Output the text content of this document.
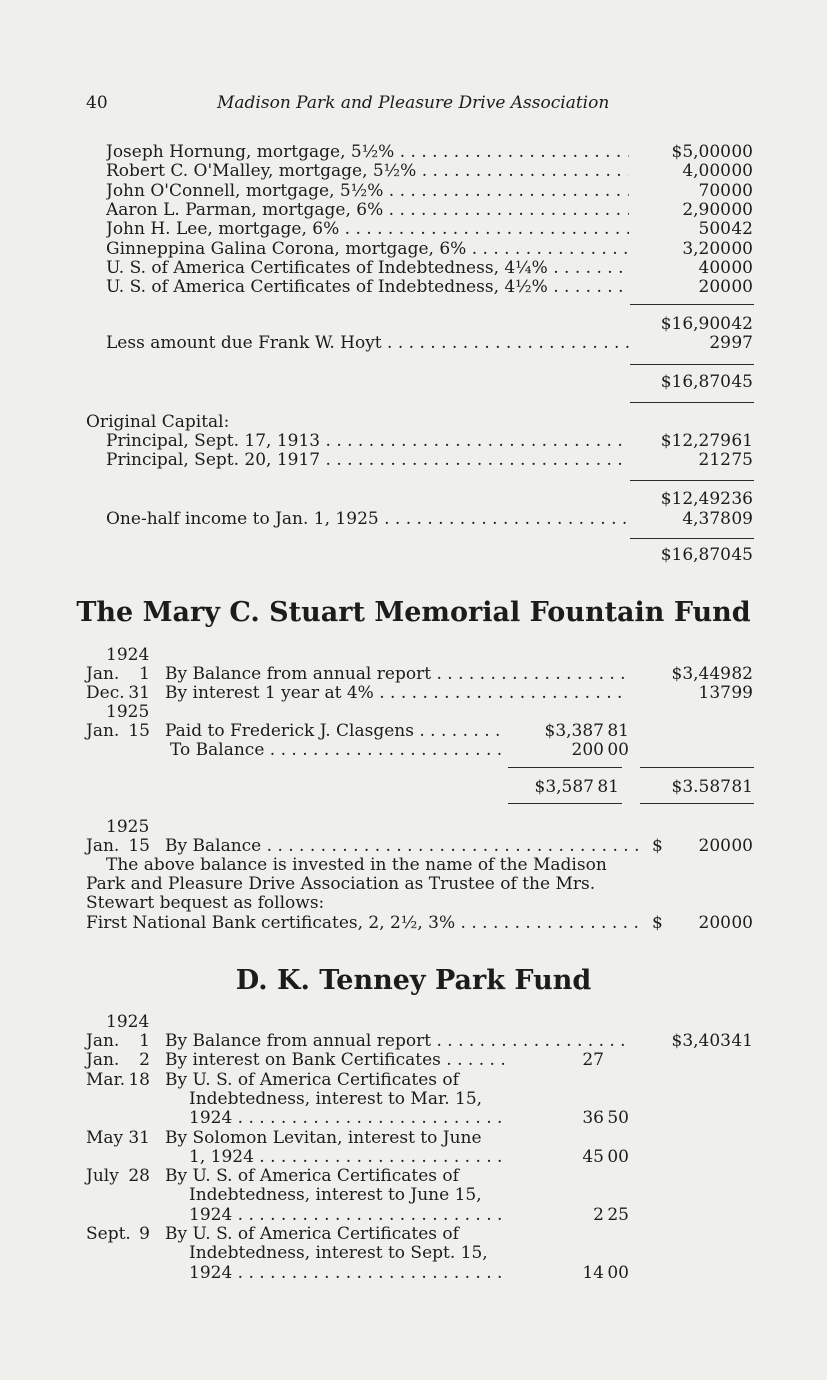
40	Madison Park and Pleasure Drive Association
Joseph Hornung, mortgage, 5½% . . .	$5,000 00
Robert C. O'Malley, mortgage, 5½% . . .	4,000 00
John O'Connell, mortgage, 5½% . . .	700 00
Aaron L. Parman, mortgage, 6% . . .	2,900 00
John H. Lee, mortgage, 6% . . .	500 42
Ginneppina Galina Corona, mortgage, 6% . . .	3,200 00
U. S. of America Certificates of Indebtedness, 4¼% . . .	400 00
U. S. of America Certificates of Indebtedness, 4½% . . .	200 00
$16,900 42
Less amount due Frank W. Hoyt . . .	29 97
$16,870 45
Original Capital:
Principal, Sept. 17, 1913 . . .	$12,279 61
Principal, Sept. 20, 1917 . . .	212 75
$12,492 36
One-half income to Jan. 1, 1925 . . .	4,378 09
$16,870 45
The Mary C. Stuart Memorial Fountain Fund
1924
Jan.	1 By Balance from annual report . . .	$3,449 82
Dec. 31 By interest 1 year at 4% . . .	137 99
1925
Jan. 15 Paid to Frederick J. Clasgens . . .	$3,387 81
To Balance . . .	200 00
$3,587 81	$3.587 81
1925
Jan. 15 By Balance . . .	$	200 00
The above balance is invested in the name of the Madison
Park and Pleasure Drive Association as Trustee of the Mrs.
Stewart bequest as follows:
First National Bank certificates, 2, 2½, 3% . . .	$	200 00
D. K. Tenney Park Fund
1924
Jan.	1 By Balance from annual report . . .	$3,403 41
Jan.	2 By interest on Bank Certificates . . .	27
Mar. 18 By U. S. of America Certificates of
Indebtedness, interest to Mar. 15,
1924 . . .	36 50
May 31 By Solomon Levitan, interest to June
1, 1924 . . .	45 00
July 28 By U. S. of America Certificates of
Indebtedness, interest to June 15,
1924 . . .	2 25
Sept. 9 By U. S. of America Certificates of
Indebtedness, interest to Sept. 15,
1924 . . .	14 00
